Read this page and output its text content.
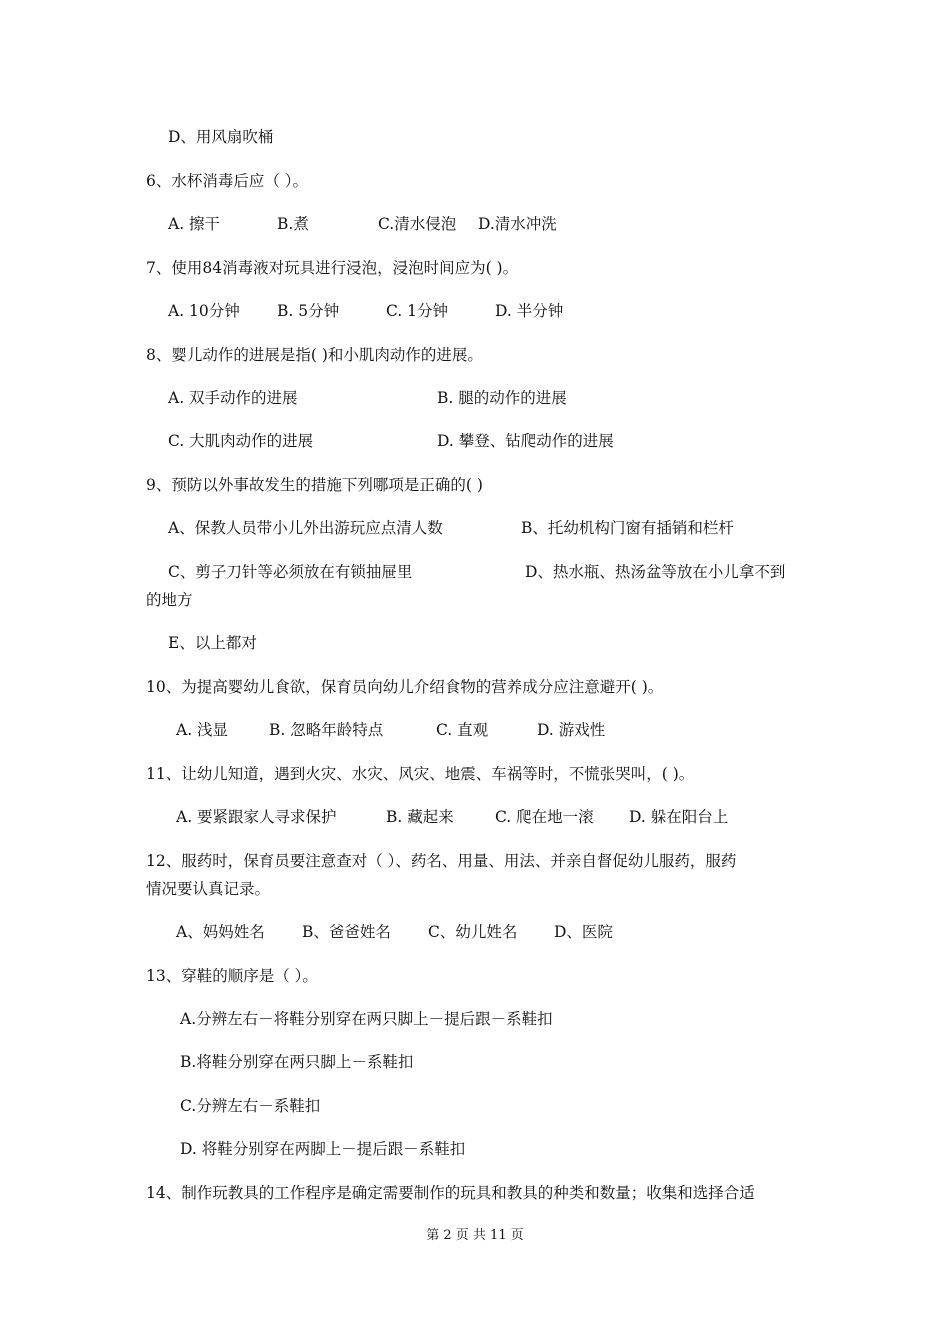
D、用风扇吹桶
6、水杯消毒后应（ ）。
A. 擦干	B.煮	C.清水侵泡 D.清水冲洗
7、使用84消毒液对玩具进行浸泡，浸泡时间应为( )。
A. 10分钟 B. 5分钟	C. 1分钟	D. 半分钟
8、婴儿动作的进展是指( )和小肌肉动作的进展。
A. 双手动作的进展	B. 腿的动作的进展
C. 大肌肉动作的进展	D. 攀登、钻爬动作的进展
9、预防以外事故发生的措施下列哪项是正确的( )
A、保教人员带小儿外出游玩应点清人数	B、托幼机构门窗有插销和栏杆
C、剪子刀针等必须放在有锁抽屉里	D、热水瓶、热汤盆等放在小儿拿不到
的地方
E、以上都对
10、为提高婴幼儿食欲，保育员向幼儿介绍食物的营养成分应注意避开( )。
A. 浅显	B. 忽略年龄特点	C. 直观	D. 游戏性
11、让幼儿知道，遇到火灾、水灾、风灾、地震、车祸等时，不慌张哭叫，( )。
A. 要紧跟家人寻求保护	B. 藏起来	C. 爬在地一滚 D. 躲在阳台上
12、服药时，保育员要注意查对（ ）、药名、用量、用法、并亲自督促幼儿服药，服药
情况要认真记录。
A、妈妈姓名 B、爸爸姓名 C、幼儿姓名 D、医院
13、穿鞋的顺序是（ ）。
A.分辨左右－将鞋分别穿在两只脚上－提后跟－系鞋扣
B.将鞋分别穿在两只脚上－系鞋扣
C.分辨左右－系鞋扣
D. 将鞋分别穿在两脚上－提后跟－系鞋扣
14、制作玩教具的工作程序是确定需要制作的玩具和教具的种类和数量；收集和选择合适
第 2 页 共 11 页
